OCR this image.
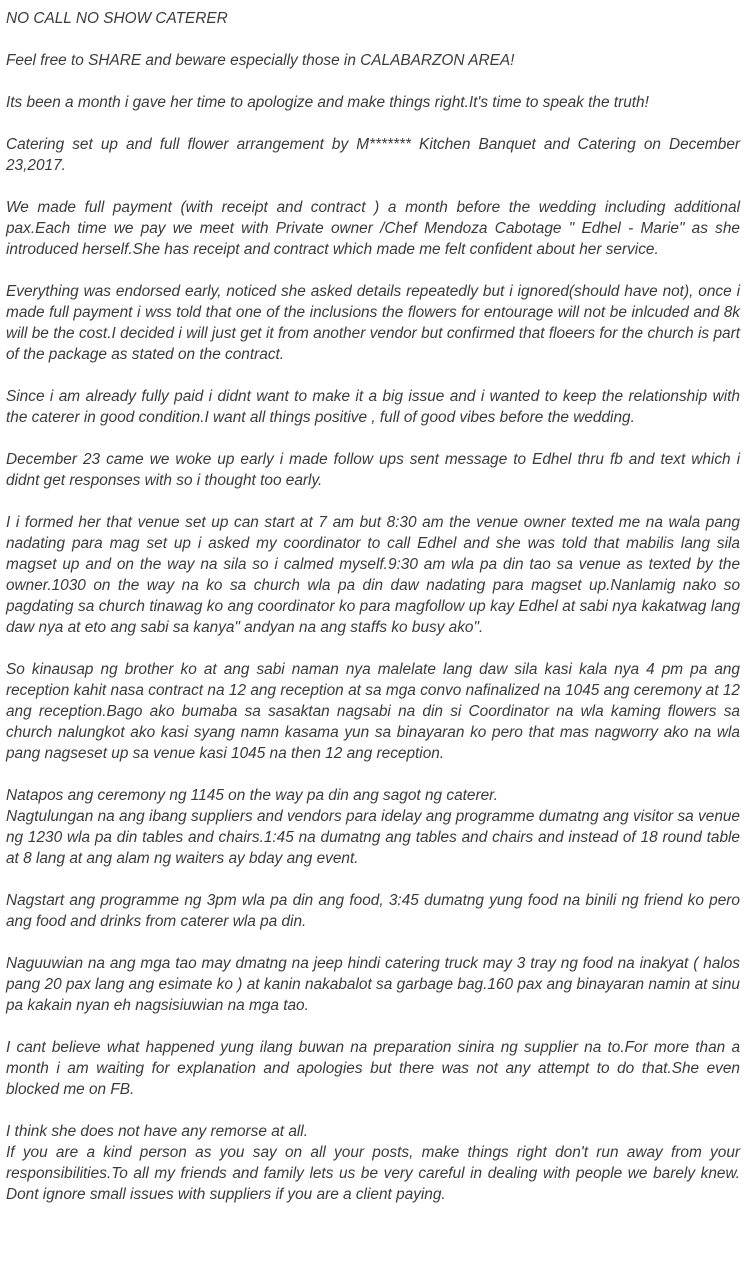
NO CALL NO SHOW CATERER

Feel free to SHARE and beware especially those in CALABARZON AREA!

Its been a month i gave her time to apologize and make things right.It's time to speak the truth!

Catering set up and full flower arrangement by M******* Kitchen Banquet and Catering on December 23,2017.

We made full payment (with receipt and contract ) a month before the wedding including additional pax.Each time we pay we meet with Private owner /Chef Mendoza Cabotage " Edhel - Marie" as she introduced herself.She has receipt and contract which made me felt confident about her service.

Everything was endorsed early, noticed she asked details repeatedly but i ignored(should have not), once i made full payment i wss told that one of the inclusions the flowers for entourage will not be inlcuded and 8k will be the cost.I decided i will just get it from another vendor but confirmed that floeers for the church is part of the package as stated on the contract.

Since i am already fully paid i didnt want to make it a big issue and i wanted to keep the relationship with the caterer in good condition.I want all things positive , full of good vibes before the wedding.

December 23 came we woke up early i made follow ups sent message to Edhel thru fb and text which i didnt get responses with so i thought too early.

I i formed her that venue set up can start at 7 am but 8:30 am the venue owner texted me na wala pang nadating para mag set up i asked my coordinator to call Edhel and she was told that mabilis lang sila magset up and on the way na sila so i calmed myself.9:30 am wla pa din tao sa venue as texted by the owner.1030 on the way na ko sa church wla pa din daw nadating para magset up.Nanlamig nako so pagdating sa church tinawag ko ang coordinator ko para magfollow up kay Edhel at sabi nya kakatwag lang daw nya at eto ang sabi sa kanya" andyan na ang staffs ko busy ako".

So kinausap ng brother ko at ang sabi naman nya malelate lang daw sila kasi kala nya 4 pm pa ang reception kahit nasa contract na 12 ang reception at sa mga convo nafinalized na 1045 ang ceremony at 12 ang reception.Bago ako bumaba sa sasaktan nagsabi na din si Coordinator na wla kaming flowers sa church nalungkot ako kasi syang namn kasama yun sa binayaran ko pero that mas nagworry ako na wla pang nagseset up sa venue kasi 1045 na then 12 ang reception.

Natapos ang ceremony ng 1145 on the way pa din ang sagot ng caterer.
Nagtulungan na ang ibang suppliers and vendors para idelay ang programme dumatng ang visitor sa venue ng 1230 wla pa din tables and chairs.1:45 na dumatng ang tables and chairs and instead of 18 round table at 8 lang at ang alam ng waiters ay bday ang event.

Nagstart ang programme ng 3pm wla pa din ang food, 3:45 dumatng yung food na binili ng friend ko pero ang food and drinks from caterer wla pa din.

Naguuwian na ang mga tao may dmatng na jeep hindi catering truck may 3 tray ng food na inakyat ( halos pang 20 pax lang ang esimate ko ) at kanin nakabalot sa garbage bag.160 pax ang binayaran namin at sinu pa kakain nyan eh nagsisiuwian na mga tao.

I cant believe what happened yung ilang buwan na preparation sinira ng supplier na to.For more than a month i am waiting for explanation and apologies but there was not any attempt to do that.She even blocked me on FB.

I think she does not have any remorse at all.
If you are a kind person as you say on all your posts, make things right don't run away from your responsibilities.To all my friends and family lets us be very careful in dealing with people we barely knew. Dont ignore small issues with suppliers if you are a client paying.
